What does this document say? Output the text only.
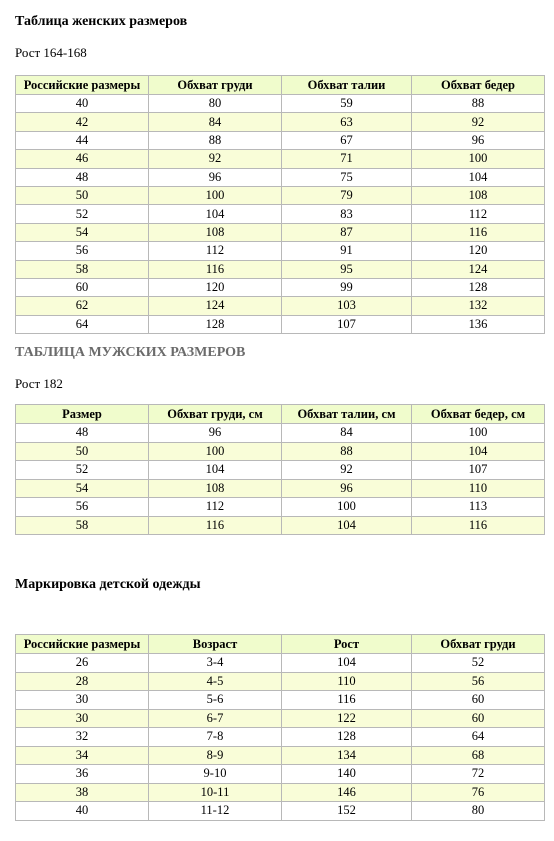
Таблица женских размеров

Рост 164-168

Российские размеры	Обхват груди	Обхват талии	Обхват бедер
40	80	59	88
42	84	63	92
44	88	67	96
46	92	71	100
48	96	75	104
50	100	79	108
52	104	83	112
54	108	87	116
56	112	91	120
58	116	95	124
60	120	99	128
62	124	103	132
64	128	107	136
ТАБЛИЦА МУЖСКИХ РАЗМЕРОВ

Рост 182

Размер	Обхват груди, см	Обхват талии, см	Обхват бедер, см
48	96	84	100
50	100	88	104
52	104	92	107
54	108	96	110
56	112	100	113
58	116	104	116
Маркировка детской одежды
Российские размеры	Возраст	Рост	Обхват груди
26	3-4	104	52
28	4-5	110	56
30	5-6	116	60
30	6-7	122	60
32	7-8	128	64
34	8-9	134	68
36	9-10	140	72
38	10-11	146	76
40	11-12	152	80
